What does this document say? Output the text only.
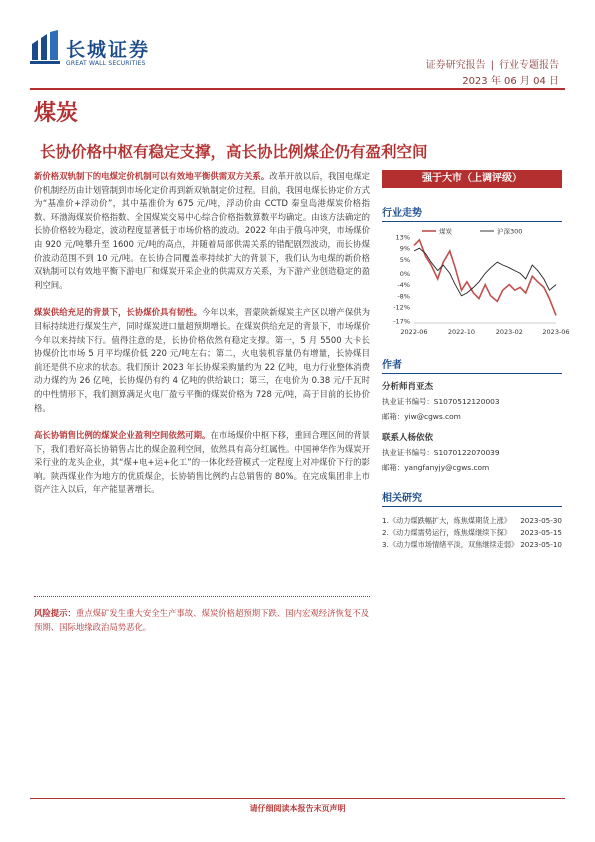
长城证券
GREAT WALL SECURITIES	证券研究报告 | 行业专题报告
2023 年 06 月 04 日
煤炭
长协价格中枢有稳定支撑，高长协比例煤企仍有盈利空间

新价格双轨制下的电煤定价机制可以有效地平衡供需双方关系。改革开放以后，我国电煤定价机制经历由计划管制到市场化定价再到新双轨制定价过程。目前，我国电煤长协定价方式为“基准价+浮动价”，其中基准价为 675 元/吨，浮动价由 CCTD 秦皇岛港煤炭价格指数、环渤海煤炭价格指数、全国煤炭交易中心综合价格指数算数平均确定。由该方法确定的长协价格较为稳定，波动程度显著低于市场价格的波动。2022 年由于俄乌冲突，市场煤价由 920 元/吨攀升至 1600 元/吨的高点，并随着局部供需关系的错配剧烈波动，而长协煤价波动范围不到 10 元/吨。在长协合同覆盖率持续扩大的背景下，我们认为电煤的新价格双轨制可以有效地平衡下游电厂和煤炭开采企业的供需双方关系，为下游产业创造稳定的盈利空间。

煤炭供给充足的背景下，长协煤价具有韧性。今年以来，晋蒙陕新煤炭主产区以增产保供为目标持续进行煤炭生产，同时煤炭进口量超预期增长。在煤炭供给充足的背景下，市场煤价今年以来持续下行。值得注意的是，长协价格依然有稳定支撑。第一，5 月 5500 大卡长协煤价比市场 5 月平均煤价低 220 元/吨左右；第二，火电装机容量仍有增量，长协煤目前还是供不应求的状态。我们预计 2023 年长协煤采购量约为 22 亿吨，电力行业整体消费动力煤约为 26 亿吨，长协煤仍有约 4 亿吨的供给缺口；第三，在电价为 0.38 元/千瓦时的中性情形下，我们测算满足火电厂盈亏平衡的煤炭价格为 728 元/吨，高于目前的长协价格。

高长协销售比例的煤炭企业盈利空间依然可期。在市场煤价中枢下移，重回合理区间的背景下，我们看好高长协销售占比的煤企盈利空间，依然具有高分红属性。中国神华作为煤炭开采行业的龙头企业，其“煤+电+运+化工”的一体化经营模式一定程度上对冲煤价下行的影响。陕西煤业作为地方的优质煤企，长协销售比例约占总销售的 80%。在完成集团非上市资产注入以后，年产能显著增长。

风险提示：重点煤矿发生重大安全生产事故、煤炭价格超预期下跌、国内宏观经济恢复不及预期、国际地缘政治局势恶化。
强于大市（上调评级）
行业走势
13%
9%
5%
0%
-4%
-8%
-12%
-17%
2022-06	2022-10	2023-02	2023-06
煤炭	沪深300
作者
分析师肖亚杰
执业证书编号：S1070512120003
邮箱：yiw@cgws.com
联系人杨依依
执业证书编号：S1070122070039
邮箱：yangfanyjy@cgws.com
相关研究
1.《动力煤跌幅扩大，炼焦煤期货上涨》 2023-05-30
2.《动力煤需势运行，炼焦煤继续下探》 2023-05-15
3.《动力煤市场情绪平淡，双焦继续走弱》 2023-05-10
请仔细阅读本报告末页声明
